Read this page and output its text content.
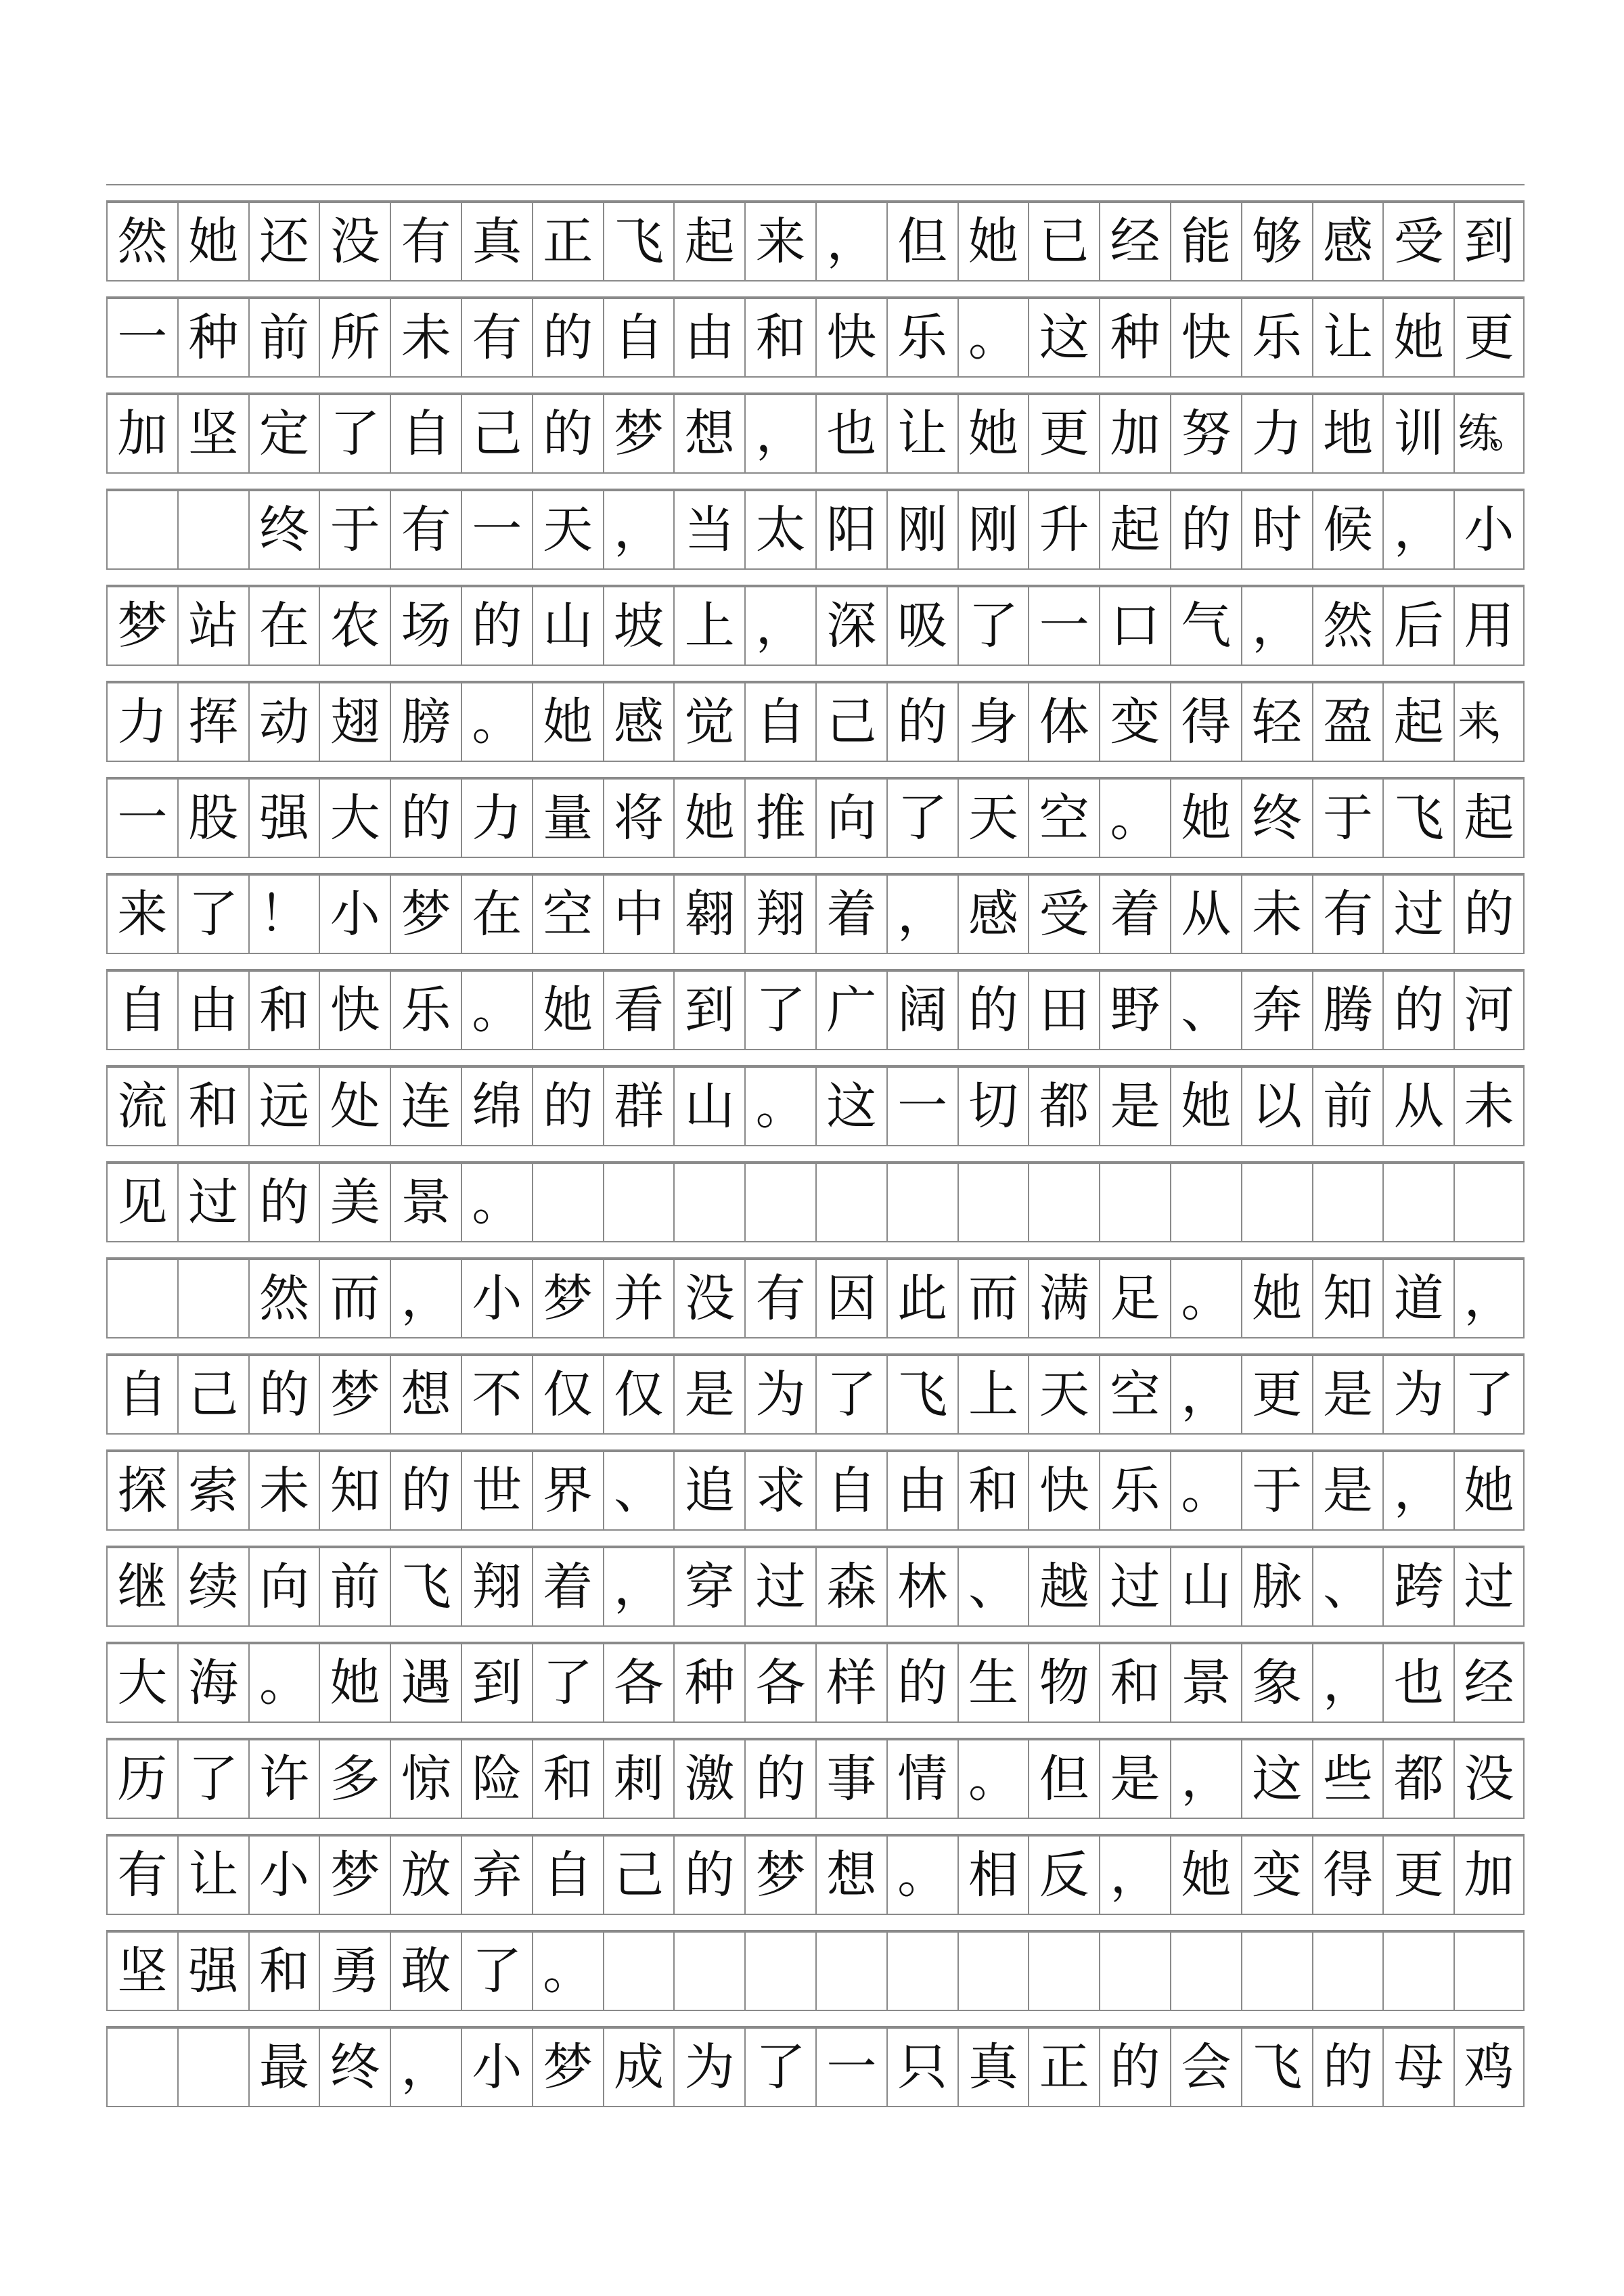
然 她 还 没 有 真 正 飞 起 来 ， 但 她 已 经 能 够 感 受 到
一 种 前 所 未 有 的 自 由 和 快 乐 。 这 种 快 乐 让 她 更
加 坚 定 了 自 己 的 梦 想 ， 也 让 她 更 加 努 力 地 训 练。

终 于 有 一 天 ， 当 太 阳 刚 刚 升 起 的 时 候 ， 小
梦 站 在 农 场 的 山 坡 上 ， 深 吸 了 一 口 气 ， 然 后 用
力 挥 动 翅 膀 。 她 感 觉 自 己 的 身 体 变 得 轻 盈 起 来，
一 股 强 大 的 力 量 将 她 推 向 了 天 空 。 她 终 于 飞 起
来 了 ！ 小 梦 在 空 中 翱 翔 着 ， 感 受 着 从 未 有 过 的
自 由 和 快 乐 。 她 看 到 了 广 阔 的 田 野 、 奔 腾 的 河
流 和 远 处 连 绵 的 群 山 。 这 一 切 都 是 她 以 前 从 未
见 过 的 美 景 。

然 而 ， 小 梦 并 没 有 因 此 而 满 足 。 她 知 道 ，
自 己 的 梦 想 不 仅 仅 是 为 了 飞 上 天 空 ， 更 是 为 了
探 索 未 知 的 世 界 、 追 求 自 由 和 快 乐 。 于 是 ， 她
继 续 向 前 飞 翔 着 ， 穿 过 森 林 、 越 过 山 脉 、 跨 过
大 海 。 她 遇 到 了 各 种 各 样 的 生 物 和 景 象 ， 也 经
历 了 许 多 惊 险 和 刺 激 的 事 情 。 但 是 ， 这 些 都 没
有 让 小 梦 放 弃 自 己 的 梦 想 。 相 反 ， 她 变 得 更 加
坚 强 和 勇 敢 了 。

最 终 ， 小 梦 成 为 了 一 只 真 正 的 会 飞 的 母 鸡
